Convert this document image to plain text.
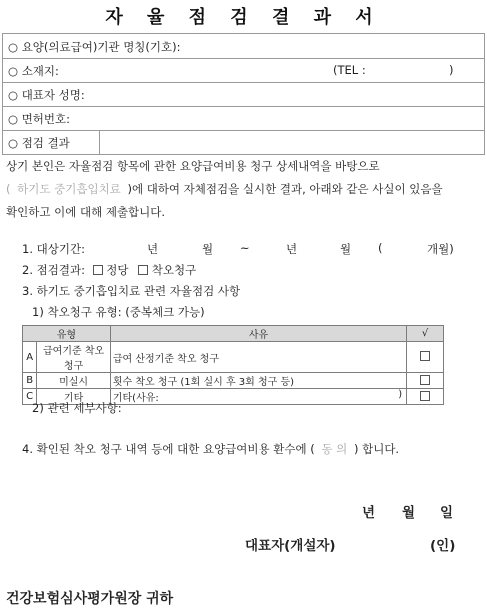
자 율 점 검 결 과 서
○ 요양(의료급여)기관 명칭(기호):
○ 소재지:	(TEL :	)
○ 대표자 성명:
○ 면허번호:
○ 점검 결과
상기 본인은 자율점검 항목에 관한 요양급여비용 청구 상세내역을 바탕으로
( 하기도 중기흡입치료 )에 대하여 자체점검을 실시한 결과, 아래와 같은 사실이 있음을
확인하고 이에 대해 제출합니다.
1. 대상기간:	년	월 ~	년	월 (	개월)
2. 점검결과: 정당 착오청구
3. 하기도 중기흡입치료 관련 자율점검 사항
1) 착오청구 유형: (중복체크 가능)
유형		사유	√
A	급여기준 착오청구	급여 산정기준 착오 청구	
B	미실시	횟수 착오 청구 (1회 실시 후 3회 청구 등)	
C	기타	기타(사유: )	

2) 관련 세부사항:
4. 확인된 착오 청구 내역 등에 대한 요양급여비용 환수에 ( 동 의 ) 합니다.
년 월 일
대표자(개설자)	(인)
건강보험심사평가원장 귀하
